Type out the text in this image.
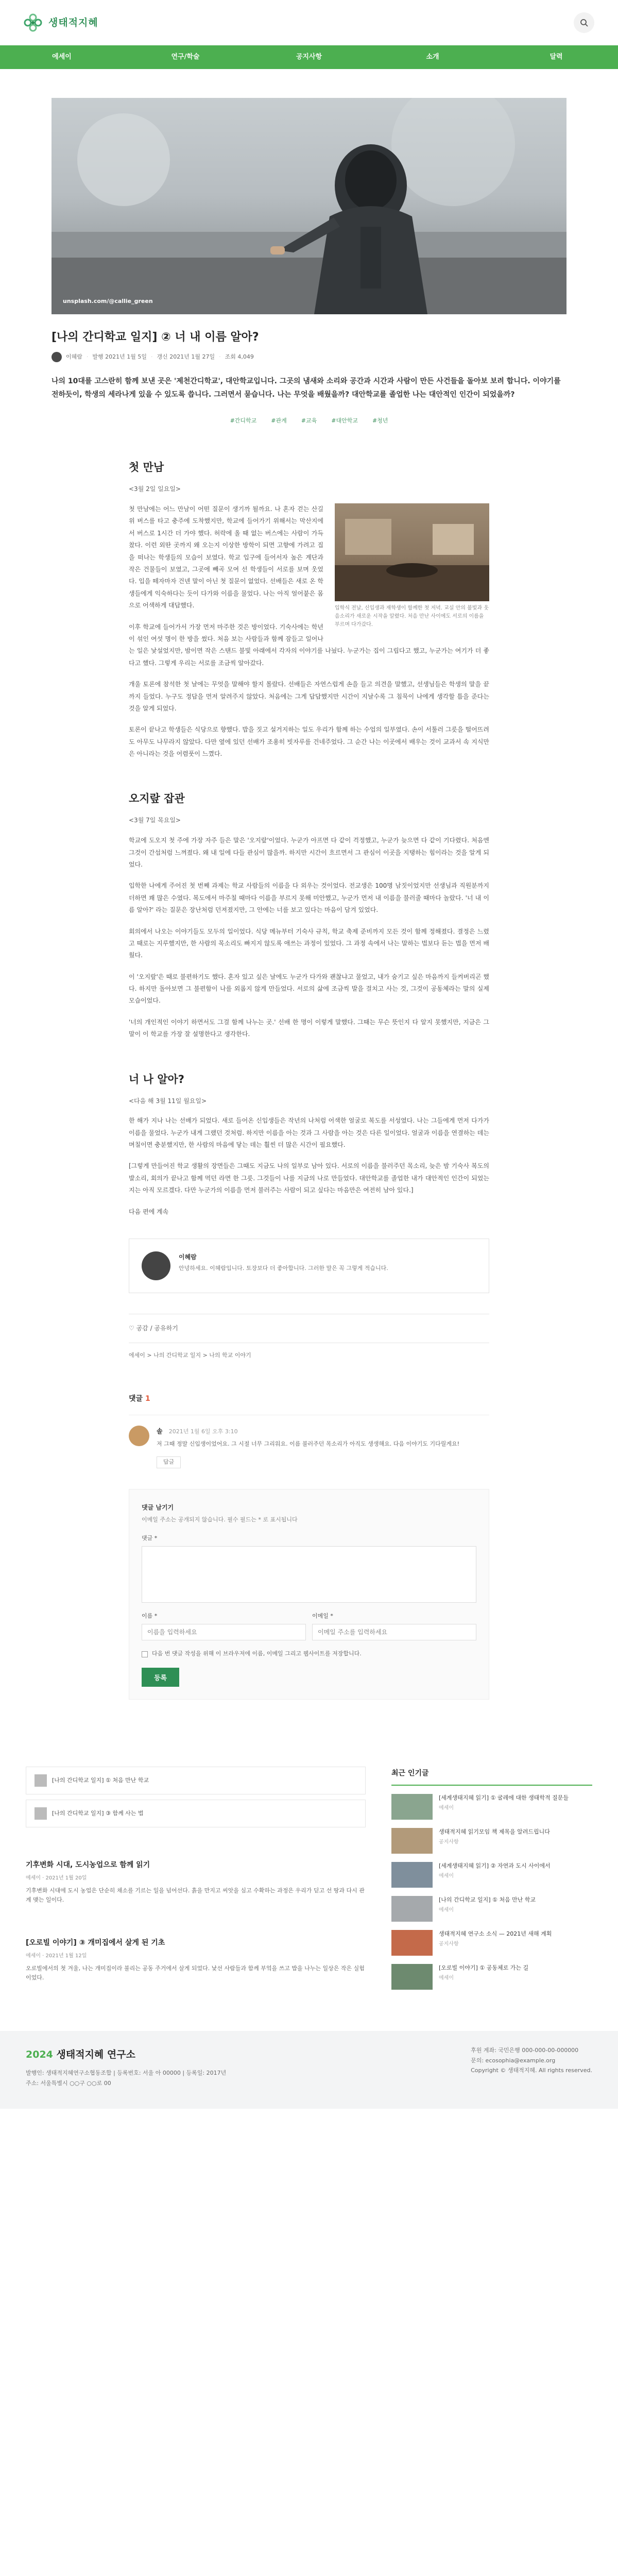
생태적지혜
에세이	연구/학술	공지사항	소개	달력
unsplash.com/@callie_green
[나의 간디학교 일지] ② 너 내 이름 알아?
이혜람 · 발행 2021년 1월 5일 · 갱신 2021년 1월 27일 · 조회 4,049

나의 10대를 고스란히 함께 보낸 곳은 '제천간디학교', 대안학교입니다. 그곳의 냄새와 소리와 공간과 시간과 사람이 만든 사건들을 돌아보 보려 합니다. 이야기를 전하듯이, 학생의 세라나게 있을 수 있도록 씁니다. 그러면서 묻습니다. 나는 무엇을 배웠을까? 대안학교를 졸업한 나는 대안적인 인간이 되었을까?

#간디학교	#관계	#교육	#대안학교	#청년
첫 만남
<3월 2일 일요일>
입학식 전날, 신입생과 재학생이 함께한 첫 저녁. 교실 안의 불빛과 웃음소리가 새로운 시작을 알렸다. 처음 만난 사이에도 서로의 이름을 부르며 다가갔다.

첫 만남에는 어느 만남이 어떤 질문이 생기까 될까요. 나 혼자 걷는 산길 위 버스를 타고 충주에 도착했지만, 학교에 들어가기 위해서는 막산지에서 버스로 1시간 더 가야 했다. 허락에 올 때 없는 버스에는 사람이 가득 찼다. 이런 외딴 곳까지 왜 오는지 이상한 방학이 되면 고향에 가려고 집을 떠나는 학생들의 모습이 보였다. 학교 입구에 들어서자 높은 계단과 작은 건물들이 보였고, 그곳에 빼곡 모여 선 학생들이 서로를 보며 웃었다. 입을 떼자마자 건넨 말이 아닌 첫 질문이 없었다. 선배들은 새로 온 학생들에게 익숙하다는 듯이 다가와 이름을 물었다. 나는 아직 얼어붙은 몸으로 어색하게 대답했다.

이후 학교에 들어가서 가장 먼저 마주한 것은 방이었다. 기숙사에는 학년이 섞인 여섯 명이 한 방을 썼다. 처음 보는 사람들과 함께 잠들고 일어나는 일은 낯설었지만, 밤이면 작은 스탠드 불빛 아래에서 각자의 이야기를 나눴다. 누군가는 집이 그립다고 했고, 누군가는 여기가 더 좋다고 했다. 그렇게 우리는 서로를 조금씩 알아갔다.

개울 토론에 참석한 첫 날에는 무엇을 말해야 할지 몰랐다. 선배들은 자연스럽게 손을 들고 의견을 말했고, 선생님들은 학생의 말을 끝까지 들었다. 누구도 정답을 먼저 알려주지 않았다. 처음에는 그게 답답했지만 시간이 지날수록 그 침묵이 나에게 생각할 틈을 준다는 것을 알게 되었다.

토론이 끝나고 학생들은 식당으로 향했다. 밥을 짓고 설거지하는 일도 우리가 함께 하는 수업의 일부였다. 손이 서툴러 그릇을 떨어뜨려도 아무도 나무라지 않았다. 다만 옆에 있던 선배가 조용히 빗자루를 건네주었다. 그 순간 나는 이곳에서 배우는 것이 교과서 속 지식만은 아니라는 것을 어렴풋이 느꼈다.

오지랖 잡관
<3월 7일 목요일>

학교에 도오지 첫 주에 가장 자주 들은 말은 '오지랖'이었다. 누군가 아프면 다 같이 걱정했고, 누군가 늦으면 다 같이 기다렸다. 처음엔 그것이 간섭처럼 느껴졌다. 왜 내 일에 다들 관심이 많을까. 하지만 시간이 흐르면서 그 관심이 이곳을 지탱하는 힘이라는 것을 알게 되었다.

입학한 나에게 주어진 첫 번째 과제는 학교 사람들의 이름을 다 외우는 것이었다. 전교생은 100명 남짓이었지만 선생님과 직원분까지 더하면 꽤 많은 수였다. 복도에서 마주칠 때마다 이름을 부르지 못해 미안했고, 누군가 먼저 내 이름을 불러줄 때마다 놀랐다. '너 내 이름 알아?' 라는 질문은 장난처럼 던져졌지만, 그 안에는 너를 보고 있다는 마음이 담겨 있었다.

회의에서 나오는 이야기들도 모두의 일이었다. 식당 메뉴부터 기숙사 규칙, 학교 축제 준비까지 모든 것이 함께 정해졌다. 결정은 느렸고 때로는 지루했지만, 한 사람의 목소리도 빠지지 않도록 애쓰는 과정이 있었다. 그 과정 속에서 나는 말하는 법보다 듣는 법을 먼저 배웠다.

이 '오지랖'은 때로 불편하기도 했다. 혼자 있고 싶은 날에도 누군가 다가와 괜찮냐고 물었고, 내가 숨기고 싶은 마음까지 들켜버리곤 했다. 하지만 돌아보면 그 불편함이 나를 외롭지 않게 만들었다. 서로의 삶에 조금씩 발을 걸치고 사는 것, 그것이 공동체라는 말의 실제 모습이었다.

'너의 개인적인 이야기 하면서도 그걸 함께 나누는 곳.' 선배 한 명이 이렇게 말했다. 그때는 무슨 뜻인지 다 알지 못했지만, 지금은 그 말이 이 학교를 가장 잘 설명한다고 생각한다.

너 나 알아?
<다음 해 3월 11일 월요일>

한 해가 지나 나는 선배가 되었다. 새로 들어온 신입생들은 작년의 나처럼 어색한 얼굴로 복도를 서성였다. 나는 그들에게 먼저 다가가 이름을 물었다. 누군가 내게 그랬던 것처럼. 하지만 이름을 아는 것과 그 사람을 아는 것은 다른 일이었다. 얼굴과 이름을 연결하는 데는 며칠이면 충분했지만, 한 사람의 마음에 닿는 데는 훨씬 더 많은 시간이 필요했다.

[그렇게 만들어진 학교 생활의 장면들은 그때도 지금도 나의 일부로 남아 있다. 서로의 이름을 불러주던 목소리, 늦은 밤 기숙사 복도의 발소리, 회의가 끝나고 함께 먹던 라면 한 그릇. 그것들이 나를 지금의 나로 만들었다. 대안학교를 졸업한 내가 대안적인 인간이 되었는지는 아직 모르겠다. 다만 누군가의 이름을 먼저 불러주는 사람이 되고 싶다는 마음만은 여전히 남아 있다.]

다음 편에 계속

이혜람
안녕하세요. 이혜람입니다. 토장보다 더 좋아합니다. 그러한 말은 꼭 그렇게 적습니다.
♡ 공감 / 공유하기
에세이 > 나의 간디학교 일지 > 나의 학교 이야기
댓글 1
솔 2021년 1월 6일 오후 3:10
저 그때 정말 신입생이었어요. 그 시절 너무 그리워요. 이름 불러주던 목소리가 아직도 생생해요. 다음 이야기도 기다릴게요!
답글
댓글 남기기
이메일 주소는 공개되지 않습니다. 필수 필드는 * 로 표시됩니다
댓글 *
이름 *
이름을 입력하세요	이메일 *
이메일 주소를 입력하세요
다음 번 댓글 작성을 위해 이 브라우저에 이름, 이메일 그리고 웹사이트를 저장합니다.
등록
[나의 간디학교 일지] ① 처음 만난 학교
[나의 간디학교 일지] ③ 함께 사는 법
기후변화 시대, 도시농업으로 함께 읽기
에세이 · 2021년 1월 20일
기후변화 시대에 도시 농업은 단순히 채소를 기르는 일을 넘어선다. 흙을 만지고 씨앗을 심고 수확하는 과정은 우리가 딛고 선 땅과 다시 관계 맺는 일이다.
[오로빌 이야기] ③ 개미집에서 살게 된 기초
에세이 · 2021년 1월 12일
오로빌에서의 첫 겨울, 나는 개미집이라 불리는 공동 주거에서 살게 되었다. 낯선 사람들과 함께 부엌을 쓰고 밥을 나누는 일상은 작은 실험이었다.
최근 인기글
[세계생태지혜 읽기] ① 굴레에 대한 생태학적 질문들
에세이
생태적지혜 읽기모임 책 제목을 알려드립니다
공지사항
[세계생태지혜 읽기] ② 자연과 도시 사이에서
에세이
[나의 간디학교 일지] ① 처음 만난 학교
에세이
생태적지혜 연구소 소식 — 2021년 새해 계획
공지사항
[오로빌 이야기] ① 공동체로 가는 길
에세이
2024 생태적지혜 연구소
발행인: 생태적지혜연구소협동조합 | 등록번호: 서울 아 00000 | 등록일: 2017년
주소: 서울특별시 ○○구 ○○로 00
후원 계좌: 국민은행 000-000-00-000000
문의: ecosophia@example.org
Copyright © 생태적지혜. All rights reserved.
